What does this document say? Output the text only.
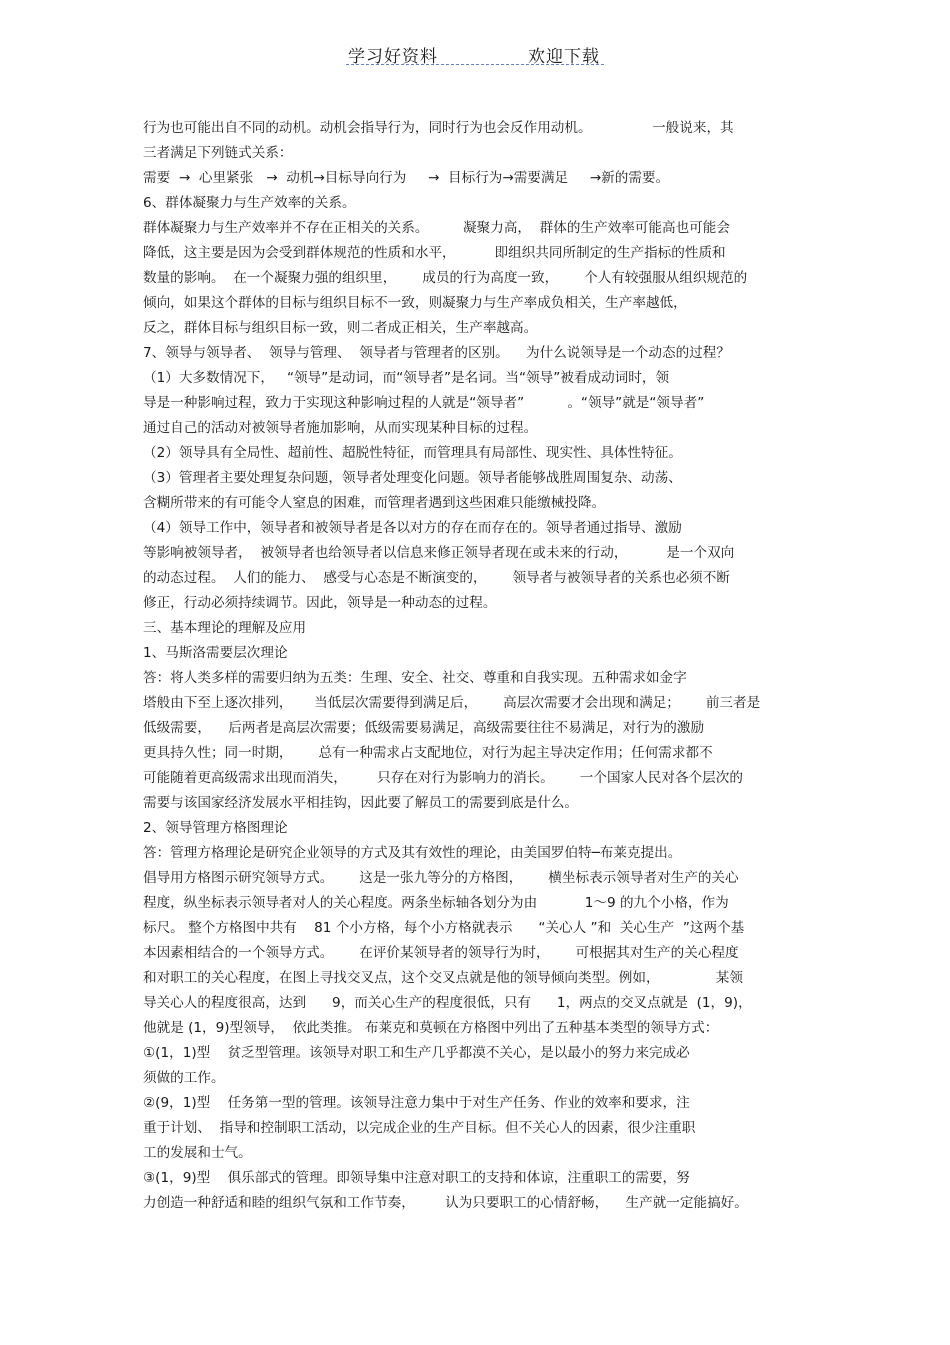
学习好资料	欢迎下载
行为也可能出自不同的动机。动机会指导行为，同时行为也会反作用动机。              一般说来，其
三者满足下列链式关系：
需要  →  心里紧张   →  动机→目标导向行为     →  目标行为→需要满足     →新的需要。
6、群体凝聚力与生产效率的关系。
群体凝聚力与生产效率并不存在正相关的关系。        凝聚力高，  群体的生产效率可能高也可能会
降低，这主要是因为会受到群体规范的性质和水平，         即组织共同所制定的生产指标的性质和
数量的影响。  在一个凝聚力强的组织里，      成员的行为高度一致，      个人有较强服从组织规范的
倾向，如果这个群体的目标与组织目标不一致，则凝聚力与生产率成负相关，生产率越低，
反之，群体目标与组织目标一致，则二者成正相关，生产率越高。
7、领导与领导者、  领导与管理、  领导者与管理者的区别。    为什么说领导是一个动态的过程？
（1）大多数情况下，   “领导”是动词，而“领导者”是名词。当“领导”被看成动词时，领
导是一种影响过程，致力于实现这种影响过程的人就是“领导者”          。“领导”就是“领导者”
通过自己的活动对被领导者施加影响，从而实现某种目标的过程。
（2）领导具有全局性、超前性、超脱性特征，而管理具有局部性、现实性、具体性特征。
（3）管理者主要处理复杂问题，领导者处理变化问题。领导者能够战胜周围复杂、动荡、
含糊所带来的有可能令人窒息的困难，而管理者遇到这些困难只能缴械投降。
（4）领导工作中，领导者和被领导者是各以对方的存在而存在的。领导者通过指导、激励
等影响被领导者，  被领导者也给领导者以信息来修正领导者现在或未来的行动，         是一个双向
的动态过程。  人们的能力、  感受与心态是不断演变的，      领导者与被领导者的关系也必须不断
修正，行动必须持续调节。因此，领导是一种动态的过程。
三、基本理论的理解及应用
1、马斯洛需要层次理论
答：将人类多样的需要归纳为五类：生理、安全、社交、尊重和自我实现。五种需求如金字
塔般由下至上逐次排列，     当低层次需要得到满足后，      高层次需要才会出现和满足；      前三者是
低级需要，    后两者是高层次需要；低级需要易满足，高级需要往往不易满足，对行为的激励
更具持久性；同一时期，      总有一种需求占支配地位，对行为起主导决定作用；任何需求都不
可能随着更高级需求出现而消失，       只存在对行为影响力的消长。      一个国家人民对各个层次的
需要与该国家经济发展水平相挂钩，因此要了解员工的需要到底是什么。
2、领导管理方格图理论
答：管理方格理论是研究企业领导的方式及其有效性的理论，由美国罗伯特─布莱克提出。
倡导用方格图示研究领导方式。      这是一张九等分的方格图，      横坐标表示领导者对生产的关心
程度，纵坐标表示领导者对人的关心程度。两条坐标轴各划分为由           1～9 的九个小格，作为
标尺。 整个方格图中共有    81 个小方格，每个小方格就表示      “关心人 ”和  关心生产  ”这两个基
本因素相结合的一个领导方式。      在评价某领导者的领导行为时，      可根据其对生产的关心程度
和对职工的关心程度，在图上寻找交叉点，这个交叉点就是他的领导倾向类型。例如，             某领
导关心人的程度很高，达到      9，而关心生产的程度很低，只有      1，两点的交叉点就是  (1，9)，
他就是 (1，9)型领导，  依此类推。 布莱克和莫顿在方格图中列出了五种基本类型的领导方式：
①(1，1)型    贫乏型管理。该领导对职工和生产几乎都漠不关心，是以最小的努力来完成必
须做的工作。
②(9，1)型    任务第一型的管理。该领导注意力集中于对生产任务、作业的效率和要求，注
重于计划、  指导和控制职工活动，以完成企业的生产目标。但不关心人的因素，很少注重职
工的发展和士气。
③(1，9)型    俱乐部式的管理。即领导集中注意对职工的支持和体谅，注重职工的需要，努
力创造一种舒适和睦的组织气氛和工作节奏，       认为只要职工的心情舒畅，    生产就一定能搞好。
